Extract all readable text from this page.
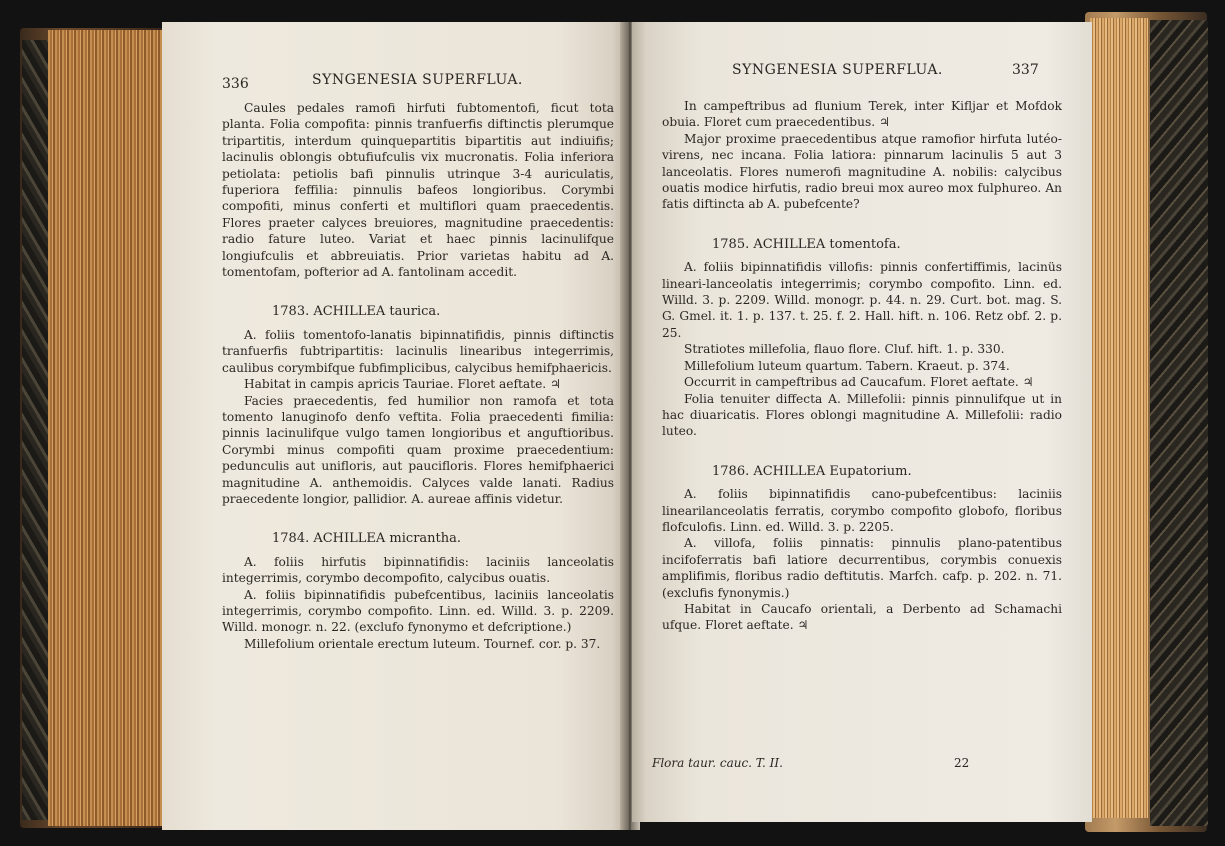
336	SYNGENESIA SUPERFLUA.

Caules pedales ramofi hirfuti fubtomentofi, ficut tota planta. Folia compofita: pinnis tranfuerfis diftinctis plerumque tripartitis, interdum quinquepartitis bipartitis aut indiuifis; lacinulis oblongis obtufiufculis vix mucronatis. Folia inferiora petiolata: petiolis bafi pinnulis utrinque 3-4 auriculatis, fuperiora feffilia: pinnulis bafeos longioribus. Corymbi compofiti, minus conferti et multiflori quam praecedentis. Flores praeter calyces breuiores, magnitudine praecedentis: radio fature luteo. Variat et haec pinnis lacinulifque longiufculis et abbreuiatis. Prior varietas habitu ad A. tomentofam, pofterior ad A. fantolinam accedit.

1783. ACHILLEA taurica.

A. foliis tomentofo-lanatis bipinnatifidis, pinnis diftinctis tranfuerfis fubtripartitis: lacinulis linearibus integerrimis, caulibus corymbifque fubfimplicibus, calycibus hemifphaericis.

Habitat in campis apricis Tauriae. Floret aeftate. ♃

Facies praecedentis, fed humilior non ramofa et tota tomento lanuginofo denfo veftita. Folia praecedenti fimilia: pinnis lacinulifque vulgo tamen longioribus et anguftioribus. Corymbi minus compofiti quam proxime praecedentium: pedunculis aut unifloris, aut paucifloris. Flores hemifphaerici magnitudine A. anthemoidis. Calyces valde lanati. Radius praecedente longior, pallidior. A. aureae affinis videtur.

1784. ACHILLEA micrantha.

A. foliis hirfutis bipinnatifidis: laciniis lanceolatis integerrimis, corymbo decompofito, calycibus ouatis.

A. foliis bipinnatifidis pubefcentibus, laciniis lanceolatis integerrimis, corymbo compofito. Linn. ed. Willd. 3. p. 2209. Willd. monogr. n. 22. (exclufo fynonymo et defcriptione.)

Millefolium orientale erectum luteum. Tournef. cor. p. 37.

SYNGENESIA SUPERFLUA.	337

In campeftribus ad flunium Terek, inter Kifljar et Mofdok obuia. Floret cum praecedentibus. ♃

Major proxime praecedentibus atque ramofior hirfuta lutéo-virens, nec incana. Folia latiora: pinnarum lacinulis 5 aut 3 lanceolatis. Flores numerofi magnitudine A. nobilis: calycibus ouatis modice hirfutis, radio breui mox aureo mox fulphureo. An fatis diftincta ab A. pubefcente?

1785. ACHILLEA tomentofa.

A. foliis bipinnatifidis villofis: pinnis confertiffimis, lacinüs lineari-lanceolatis integerrimis; corymbo compofito. Linn. ed. Willd. 3. p. 2209. Willd. monogr. p. 44. n. 29. Curt. bot. mag. S. G. Gmel. it. 1. p. 137. t. 25. f. 2. Hall. hift. n. 106. Retz obf. 2. p. 25.

Stratiotes millefolia, flauo flore. Cluf. hift. 1. p. 330.

Millefolium luteum quartum. Tabern. Kraeut. p. 374.

Occurrit in campeftribus ad Caucafum. Floret aeftate. ♃

Folia tenuiter diffecta A. Millefolii: pinnis pinnulifque ut in hac diuaricatis. Flores oblongi magnitudine A. Millefolii: radio luteo.

1786. ACHILLEA Eupatorium.

A. foliis bipinnatifidis cano-pubefcentibus: laciniis linearilanceolatis ferratis, corymbo compofito globofo, floribus flofculofis. Linn. ed. Willd. 3. p. 2205.

A. villofa, foliis pinnatis: pinnulis plano-patentibus incifoferratis bafi latiore decurrentibus, corymbis conuexis amplifimis, floribus radio deftitutis. Marfch. cafp. p. 202. n. 71. (exclufis fynonymis.)

Habitat in Caucafo orientali, a Derbento ad Schamachi ufque. Floret aeftate. ♃

Flora taur. cauc. T. II.	22
